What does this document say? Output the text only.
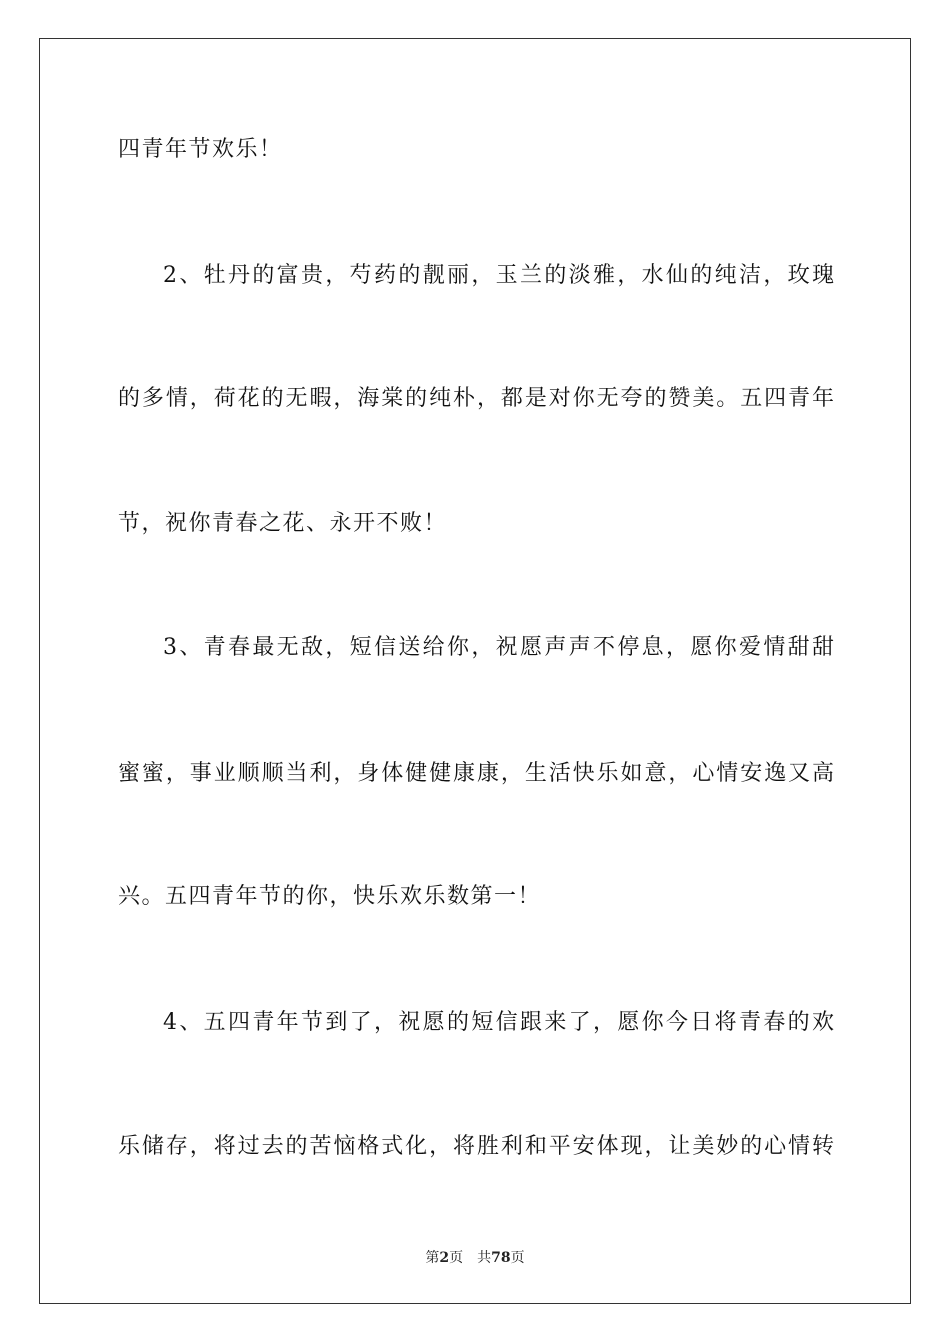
四青年节欢乐！
2、牡丹的富贵，芍药的靓丽，玉兰的淡雅，水仙的纯洁，玫瑰
的多情，荷花的无暇，海棠的纯朴，都是对你无夸的赞美。五四青年
节，祝你青春之花、永开不败！
3、青春最无敌，短信送给你，祝愿声声不停息，愿你爱情甜甜
蜜蜜，事业顺顺当利，身体健健康康，生活快乐如意，心情安逸又高
兴。五四青年节的你，快乐欢乐数第一！
4、五四青年节到了，祝愿的短信跟来了，愿你今日将青春的欢
乐储存，将过去的苦恼格式化，将胜利和平安体现，让美妙的心情转
第2页 共78页
